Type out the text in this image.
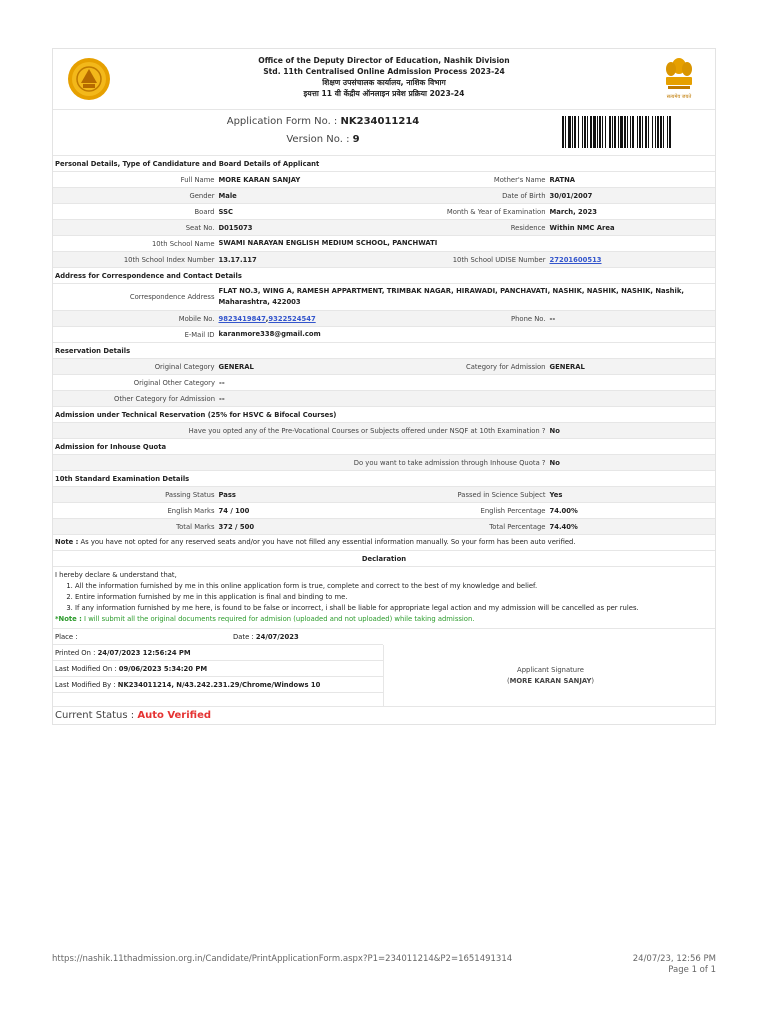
Office of the Deputy Director of Education, Nashik Division
Std. 11th Centralised Online Admission Process 2023-24
शिक्षण उपसंचालक कार्यालय, नाशिक विभाग
इयत्ता 11 वी केंद्रीय ऑनलाइन प्रवेश प्रक्रिया 2023-24	सत्यमेव जयते
Application Form No. : NK234011214
Version No. : 9
Personal Details, Type of Candidature and Board Details of Applicant
Full Name MORE KARAN SANJAY	Mother's Name RATNA
Gender Male	Date of Birth 30/01/2007
Board SSC	Month & Year of Examination March, 2023
Seat No. D015073	Residence Within NMC Area
10th School Name SWAMI NARAYAN ENGLISH MEDIUM SCHOOL, PANCHWATI
10th School Index Number 13.17.117	10th School UDISE Number 27201600513
Address for Correspondence and Contact Details
Correspondence Address
FLAT NO.3, WING A, RAMESH APPARTMENT, TRIMBAK NAGAR, HIRAWADI, PANCHAVATI, NASHIK, NASHIK, NASHIK, Nashik, Maharashtra, 422003
Mobile No. 9823419847 , 9322524547	Phone No. --
E-Mail ID karanmore338@gmail.com
Reservation Details
Original Category GENERAL	Category for Admission GENERAL
Original Other Category --
Other Category for Admission --
Admission under Technical Reservation (25% for HSVC & Bifocal Courses)
Have you opted any of the Pre-Vocational Courses or Subjects offered under NSQF at 10th Examination ? No
Admission for Inhouse Quota
Do you want to take admission through Inhouse Quota ? No
10th Standard Examination Details
Passing Status Pass	Passed in Science Subject Yes
English Marks 74 / 100	English Percentage 74.00%
Total Marks 372 / 500	Total Percentage 74.40%
Note : As you have not opted for any reserved seats and/or you have not filled any essential information manually. So your form has been auto verified.
Declaration
I hereby declare & understand that,
1. All the information furnished by me in this online application form is true, complete and correct to the best of my knowledge and belief.
2. Entire information furnished by me in this application is final and binding to me.
3. If any information furnished by me here, is found to be false or incorrect, i shall be liable for appropriate legal action and my admission will be cancelled as per rules.
*Note : I will submit all the original documents required for admision (uploaded and not uploaded) while taking admission.
Place :	Date : 24/07/2023
Printed On : 24/07/2023 12:56:24 PM
Last Modified On : 09/06/2023 5:34:20 PM
Last Modified By : NK234011214, N/43.242.231.29/Chrome/Windows 10
Applicant Signature
(MORE KARAN SANJAY)
Current Status : Auto Verified
https://nashik.11thadmission.org.in/Candidate/PrintApplicationForm.aspx?P1=234011214&P2=1651491314	24/07/23, 12:56 PM
Page 1 of 1
